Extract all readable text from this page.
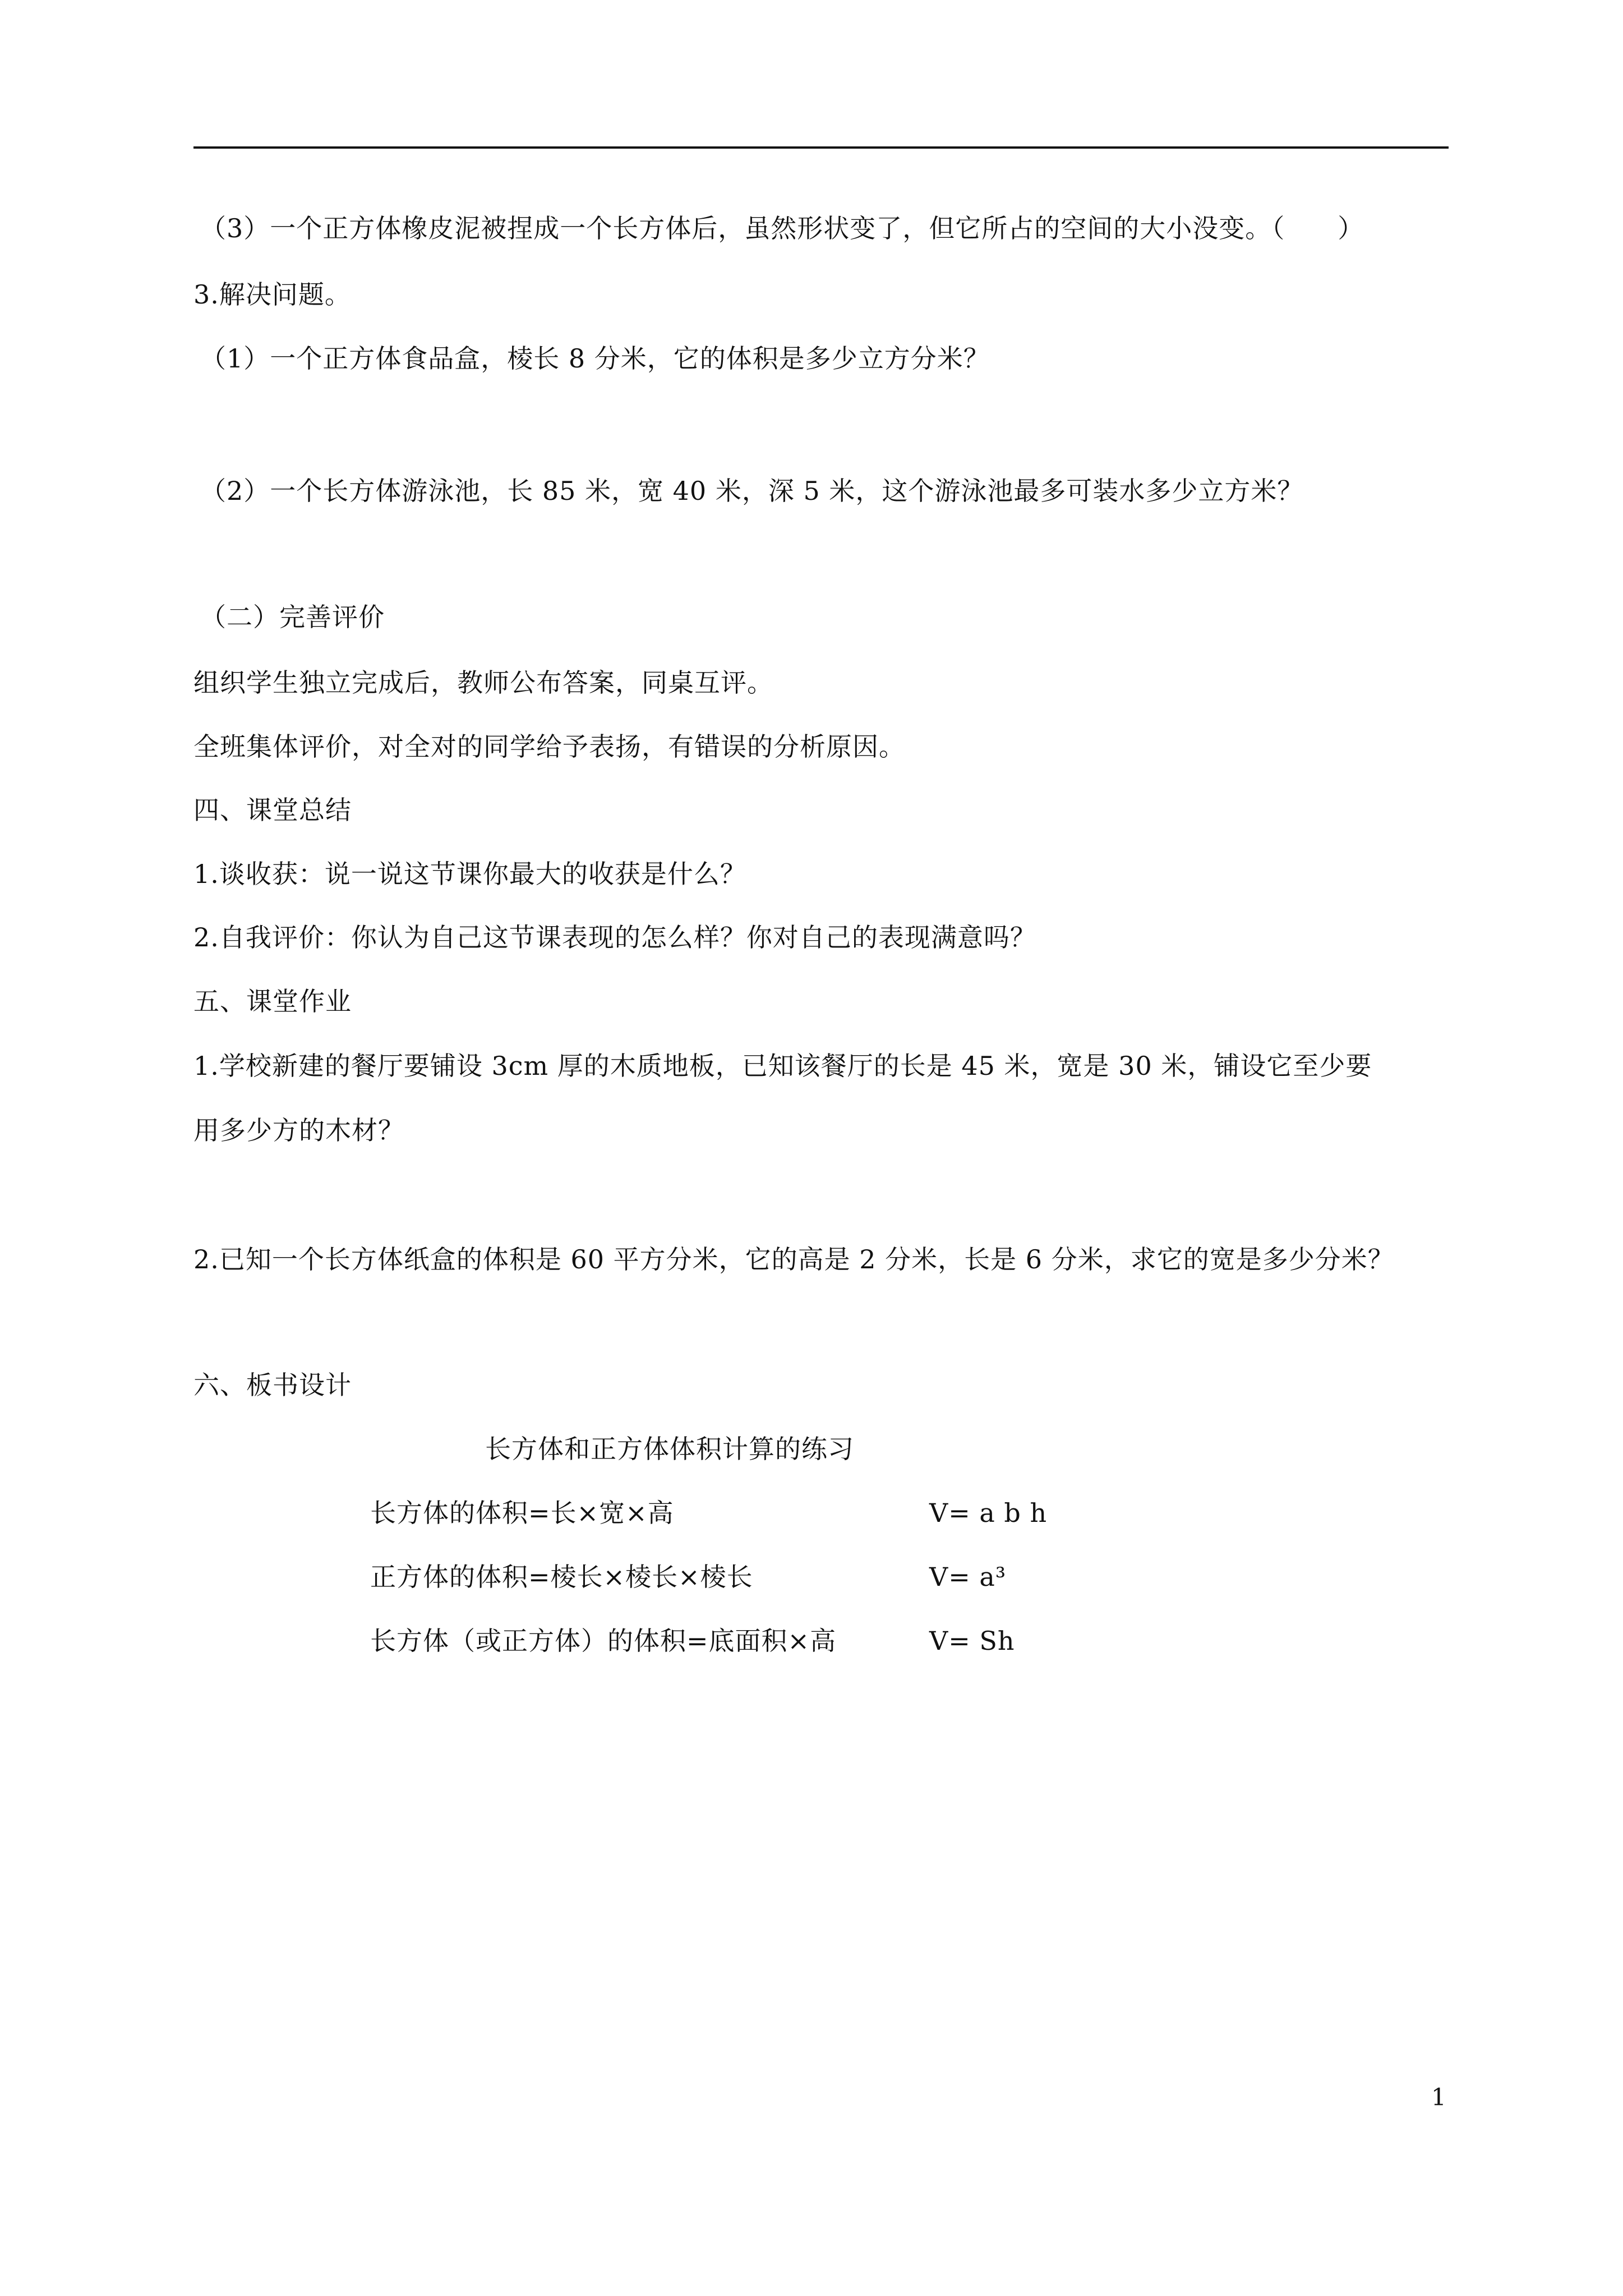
（3）一个正方体橡皮泥被捏成一个长方体后，虽然形状变了，但它所占的空间的大小没变。（　　）
3.解决问题。
（1）一个正方体食品盒，棱长 8 分米，它的体积是多少立方分米？
（2）一个长方体游泳池，长 85 米，宽 40 米，深 5 米，这个游泳池最多可装水多少立方米？
（二）完善评价
组织学生独立完成后，教师公布答案，同桌互评。
全班集体评价，对全对的同学给予表扬，有错误的分析原因。
四、课堂总结
1.谈收获：说一说这节课你最大的收获是什么？
2.自我评价：你认为自己这节课表现的怎么样？你对自己的表现满意吗？
五、课堂作业
1.学校新建的餐厅要铺设 3cm 厚的木质地板，已知该餐厅的长是 45 米，宽是 30 米，铺设它至少要
用多少方的木材？
2.已知一个长方体纸盒的体积是 60 平方分米，它的高是 2 分米，长是 6 分米，求它的宽是多少分米？
六、板书设计
长方体和正方体体积计算的练习
长方体的体积=长×宽×高	V= a b h
正方体的体积=棱长×棱长×棱长	V= a³
长方体（或正方体）的体积=底面积×高	V= Sh
1
